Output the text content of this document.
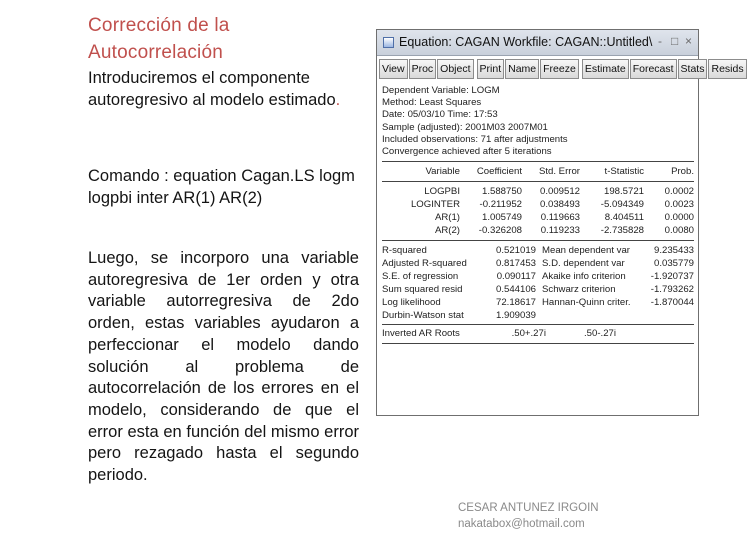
Corrección de la Autocorrelación
Introduciremos el componente autoregresivo al modelo estimado.
Comando : equation Cagan.LS logm logpbi inter AR(1) AR(2)
Luego, se incorporo una variable autoregresiva de 1er orden y otra variable autorregresiva de 2do orden, estas variables ayudaron a perfeccionar el modelo dando solución al problema de autocorrelación de los errores en el modelo, considerando de que el error esta en función del mismo error pero rezagado hasta el segundo periodo.
CESAR ANTUNEZ IRGOIN
nakatabox@hotmail.com
Equation: CAGAN Workfile: CAGAN::Untitled\ - □ ×
View Proc Object Print Name Freeze Estimate Forecast Stats Resids
Dependent Variable: LOGM
Method: Least Squares
Date: 05/03/10 Time: 17:53
Sample (adjusted): 2001M03 2007M01
Included observations: 71 after adjustments
Convergence achieved after 5 iterations
Variable	Coefficient	Std. Error	t-Statistic	Prob.
LOGPBI	1.588750	0.009512	198.5721	0.0002
LOGINTER	-0.211952	0.038493	-5.094349	0.0023
AR(1)	1.005749	0.119663	8.404511	0.0000
AR(2)	-0.326208	0.119233	-2.735828	0.0080
R-squared	0.521019	Mean dependent var	9.235433
Adjusted R-squared	0.817453	S.D. dependent var	0.035779
S.E. of regression	0.090117	Akaike info criterion	-1.920737
Sum squared resid	0.544106	Schwarz criterion	-1.793262
Log likelihood	72.18617	Hannan-Quinn criter.	-1.870044
Durbin-Watson stat	1.909039		
Inverted AR Roots	.50+.27i	.50-.27i
